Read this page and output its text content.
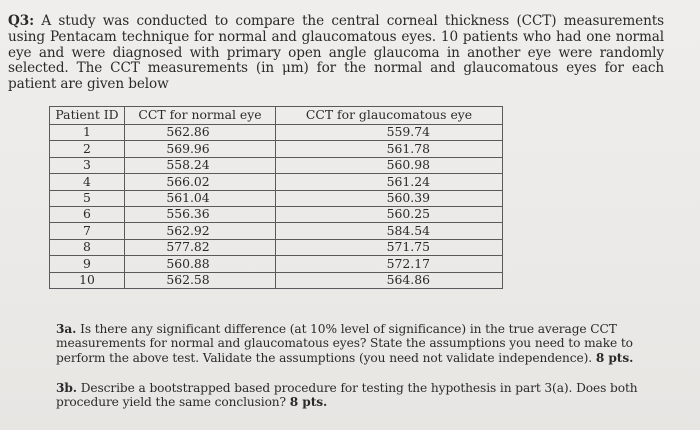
Q3: A study was conducted to compare the central corneal thickness (CCT) measurements using Pentacam technique for normal and glaucomatous eyes. 10 patients who had one normal eye and were diagnosed with primary open angle glaucoma in another eye were randomly selected. The CCT measurements (in μm) for the normal and glaucomatous eyes for each patient are given below
Patient ID	CCT for normal eye	CCT for glaucomatous eye
1	562.86	559.74
2	569.96	561.78
3	558.24	560.98
4	566.02	561.24
5	561.04	560.39
6	556.36	560.25
7	562.92	584.54
8	577.82	571.75
9	560.88	572.17
10	562.58	564.86
3a. Is there any significant difference (at 10% level of significance) in the true average CCT measurements for normal and glaucomatous eyes? State the assumptions you need to make to perform the above test. Validate the assumptions (you need not validate independence). 8 pts.
3b. Describe a bootstrapped based procedure for testing the hypothesis in part 3(a). Does both procedure yield the same conclusion? 8 pts.
